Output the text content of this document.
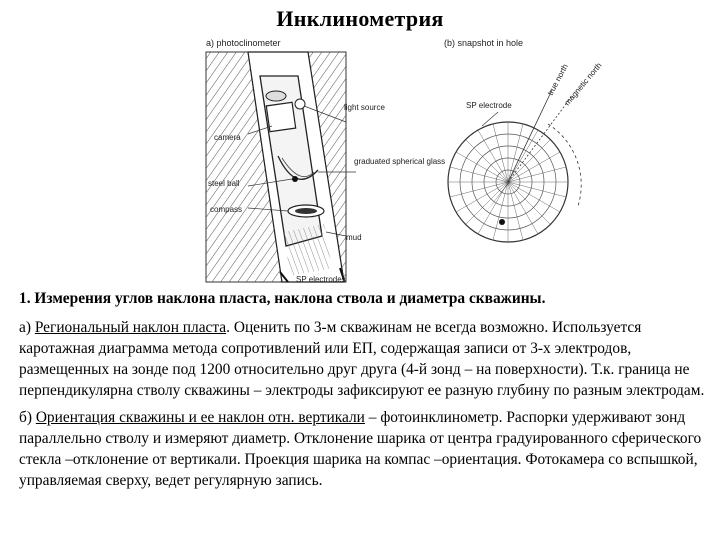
Инклинометрия
a) photoclinometer	(b) snapshot in hole
camera
light source
steel ball
graduated spherical glass
compass
mud
SP electrodes
SP electrode
true north
magnetic north

1. Измерения углов наклона пласта, наклона ствола и диаметра скважины.

а) Региональный наклон пласта. Оценить по 3-м скважинам не всегда возможно. Используется каротажная диаграмма метода сопротивлений или ЕП, содержащая записи от 3-х электродов, размещенных на зонде под 1200 относительно друг друга (4-й зонд – на поверхности). Т.к. граница не перпендикулярна стволу скважины – электроды зафиксируют ее разную глубину по разным электродам.

б) Ориентация скважины и ее наклон отн. вертикали – фотоинклинометр. Распорки удерживают зонд параллельно стволу и измеряют диаметр. Отклонение шарика от центра градуированного сферического стекла –отклонение от вертикали. Проекция шарика на компас –ориентация. Фотокамера со вспышкой, управляемая сверху, ведет регулярную запись.
